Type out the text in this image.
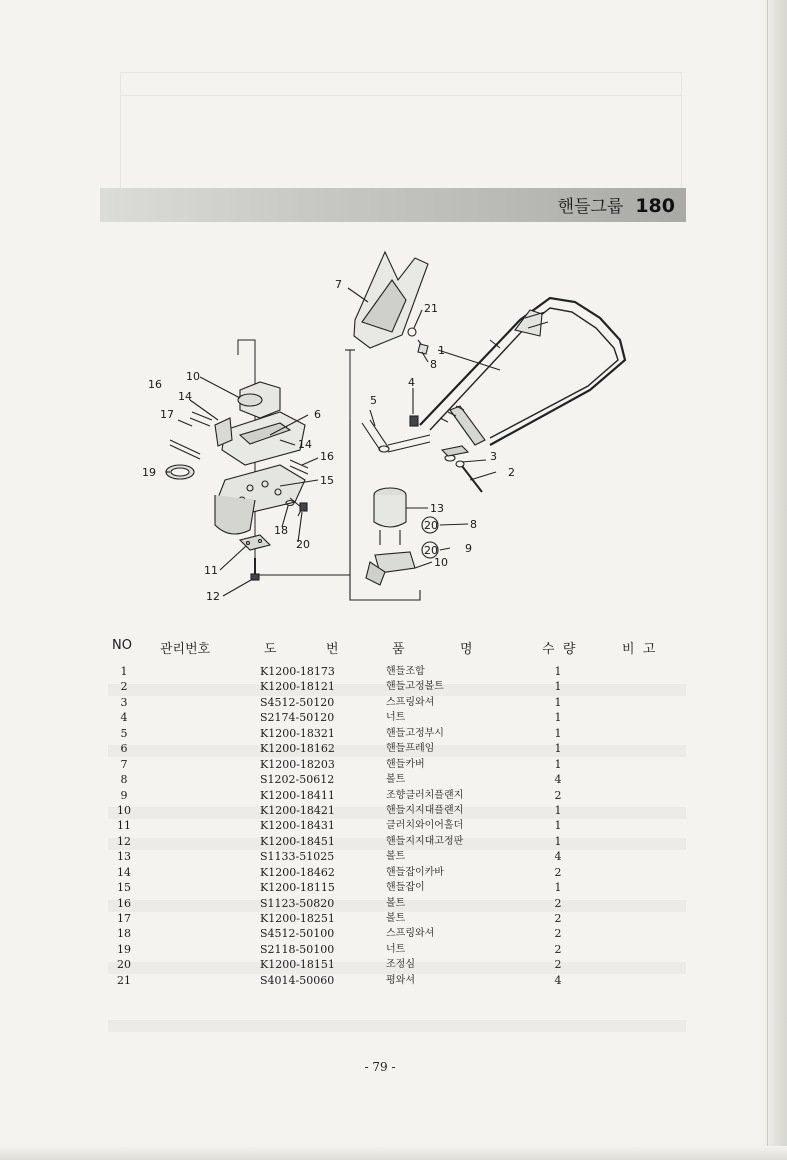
핸들그룹 180
7
21
8
1
4
5
6
10
16
14
17
14
16
15
19
18
20
11
12
3
2
13
20	8
20 9
10
NO 관리번호	도	번	품	명	수  량	비  고
1	K1200-18173	핸들조합	1
2	K1200-18121	핸들고정볼트	1
3	S4512-50120	스프링와셔	1
4	S2174-50120	너트	1
5	K1200-18321	핸들고정부시	1
6	K1200-18162	핸들프레임	1
7	K1200-18203	핸들카버	1
8	S1202-50612	볼트	4
9	K1200-18411	조향클러치플랜지	2
10	K1200-18421	핸들지지대플랜지	1
11	K1200-18431	클러치와이어홀더	1
12	K1200-18451	핸들지지대고정판	1
13	S1133-51025	볼트	4
14	K1200-18462	핸들잡이카바	2
15	K1200-18115	핸들잡이	1
16	S1123-50820	볼트	2
17	K1200-18251	볼트	2
18	S4512-50100	스프링와셔	2
19	S2118-50100	너트	2
20	K1200-18151	조정심	2
21	S4014-50060	평와셔	4
- 79 -
